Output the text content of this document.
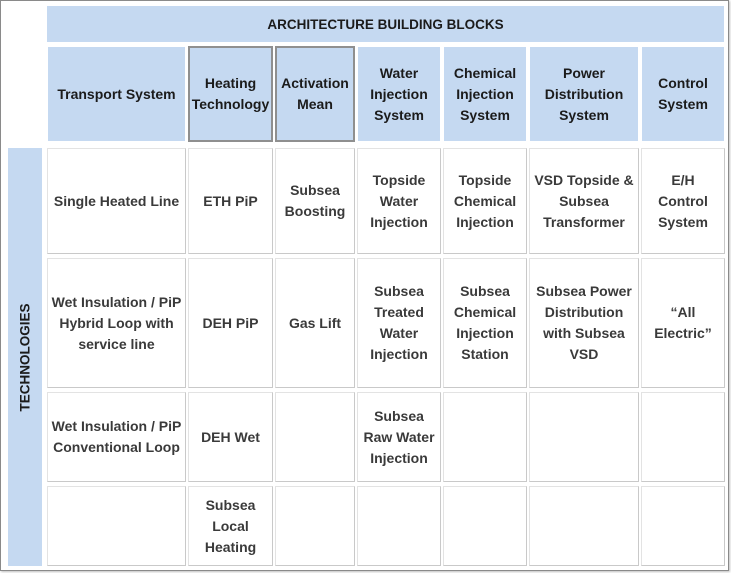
ARCHITECTURE BUILDING BLOCKS
Transport System
Heating Technology
Activation Mean
Water Injection System
Chemical Injection System
Power Distribution System
Control System
TECHNOLOGIES
Single Heated Line	ETH PiP
Subsea Boosting
Topside Water Injection
Topside Chemical Injection
VSD Topside & Subsea Transformer
E/H Control System
Wet Insulation / PiP Hybrid Loop with service line
DEH PiP	Gas Lift
Subsea Treated Water Injection
Subsea Chemical Injection Station
Subsea Power Distribution with Subsea VSD
“All Electric”
Wet Insulation / PiP Conventional Loop
DEH Wet
Subsea Raw Water Injection
Subsea Local Heating
